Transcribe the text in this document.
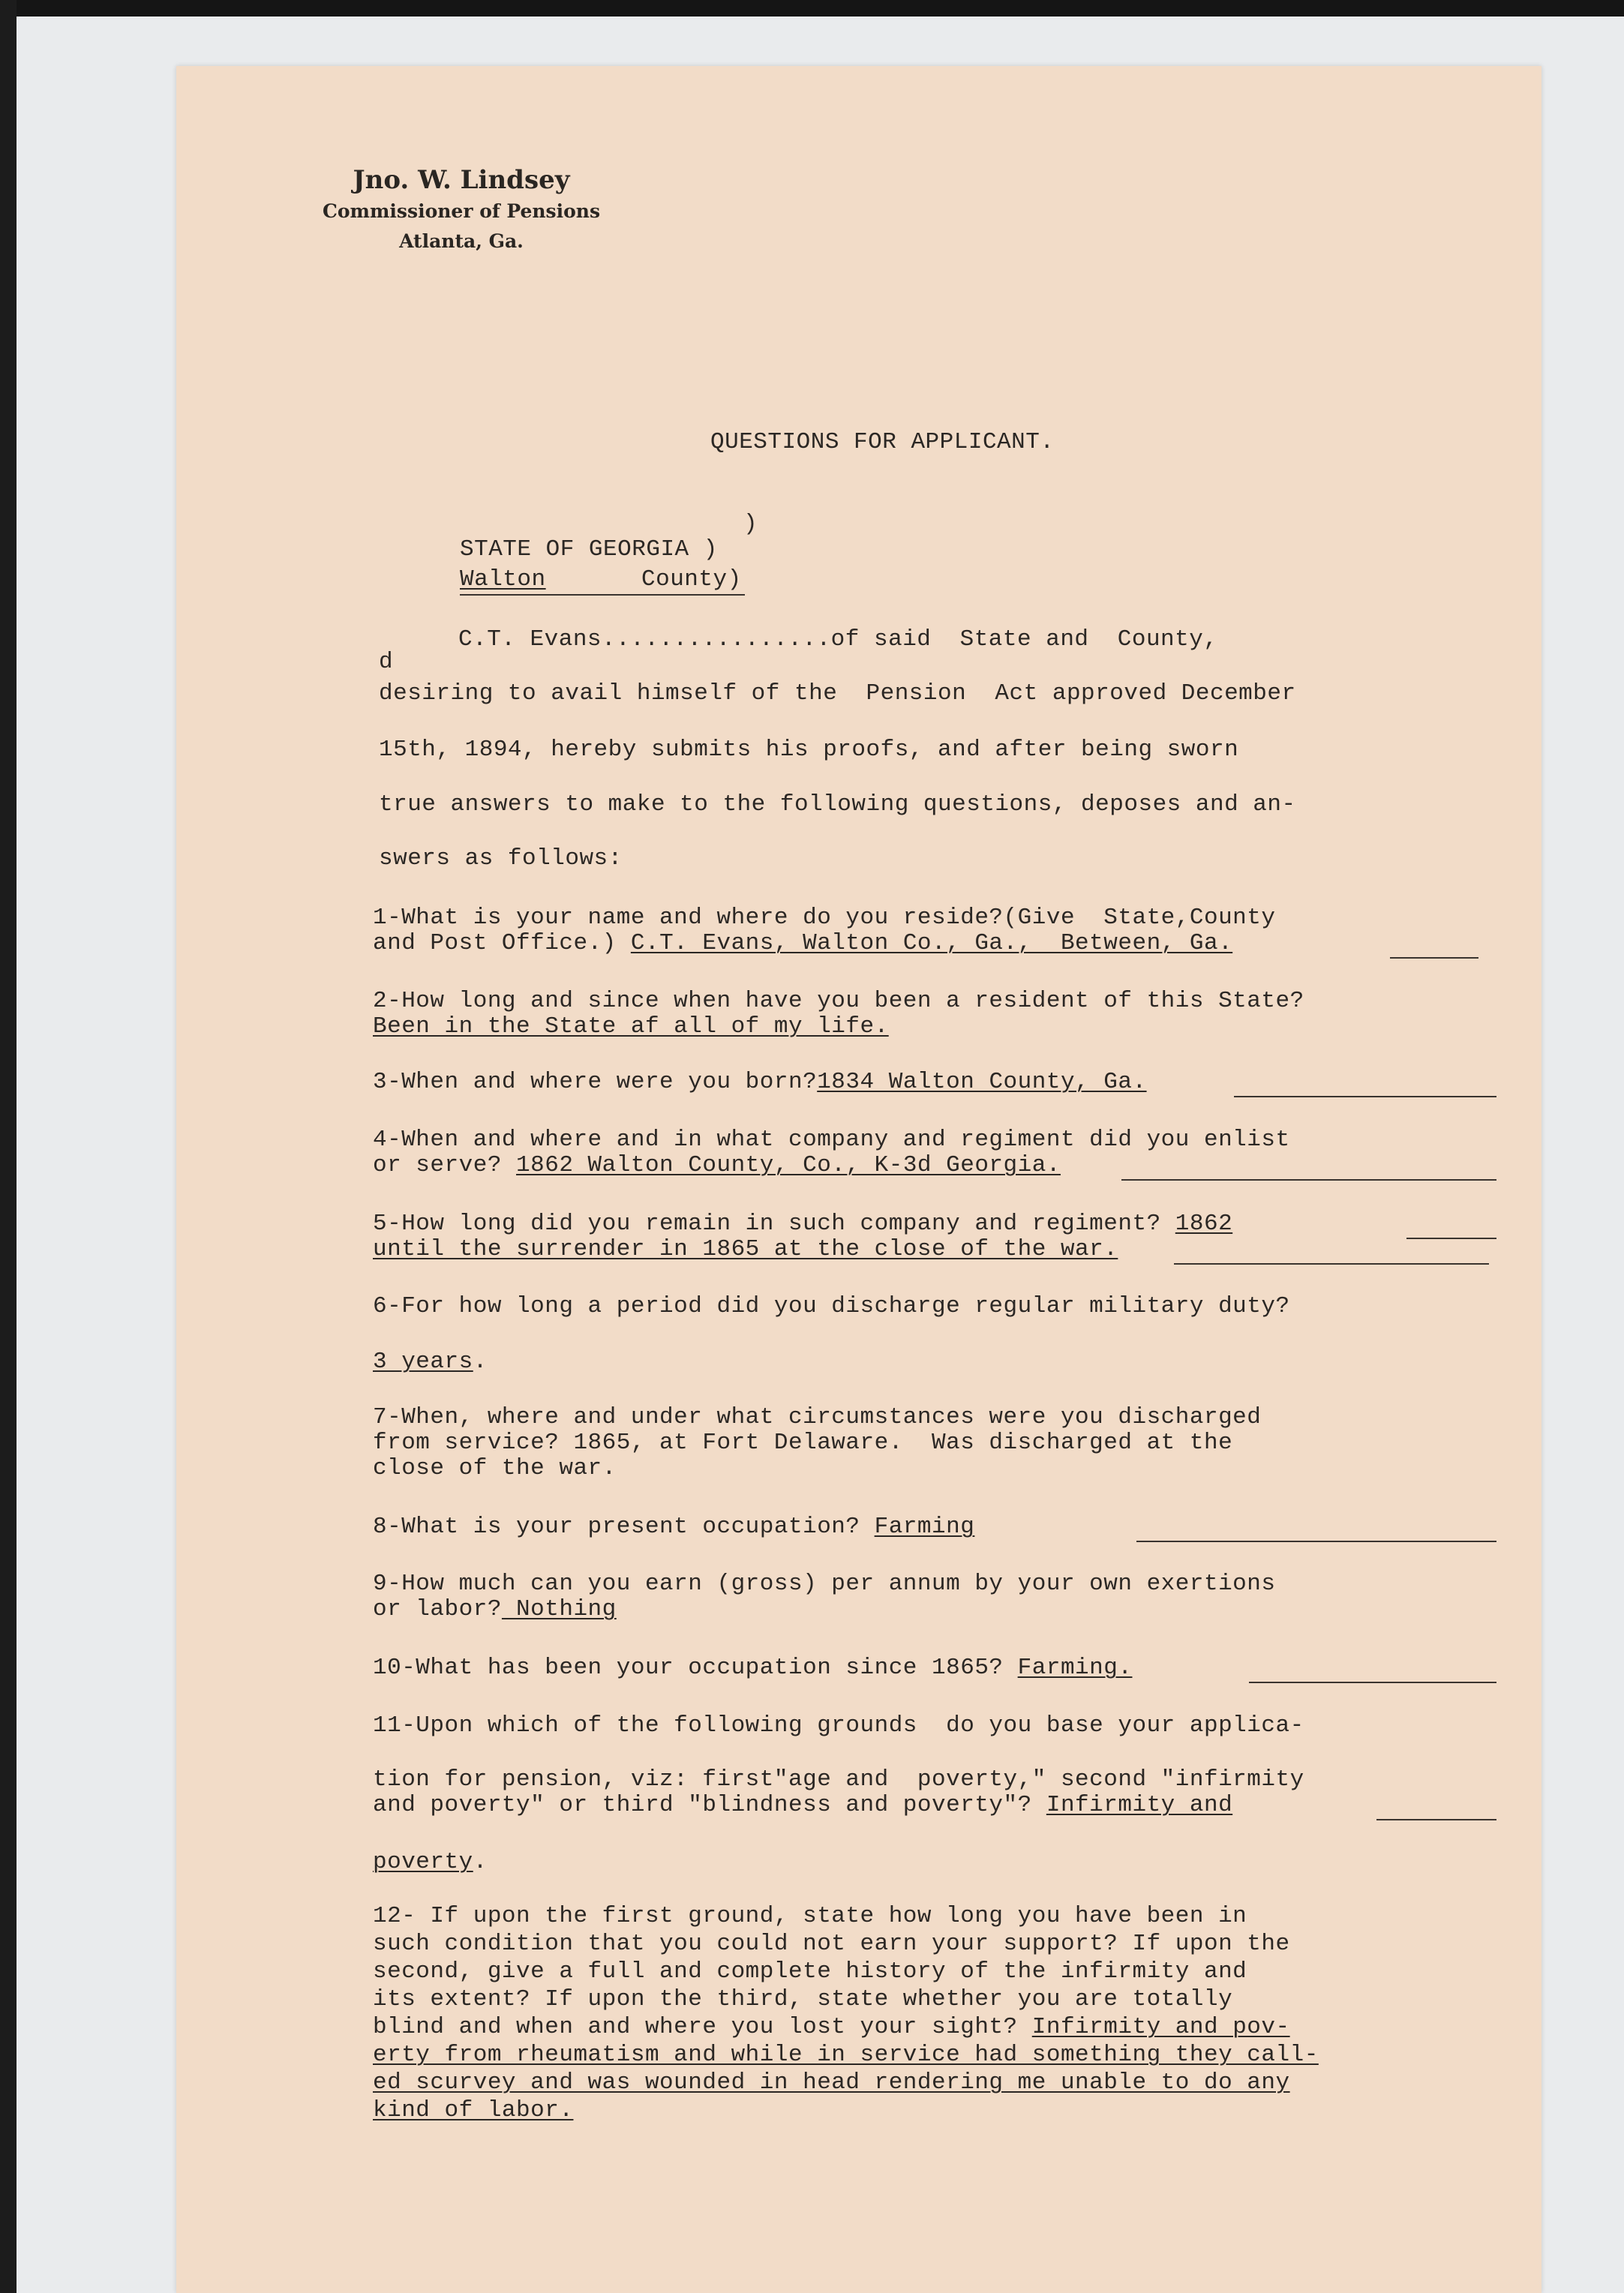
Jno. W. Lindsey
Commissioner of Pensions
Atlanta, Ga.
QUESTIONS FOR APPLICANT.
)
STATE OF GEORGIA )
Walton	County)
C.T. Evans................of said  State and  County,
d
desiring to avail himself of the  Pension  Act approved December
15th, 1894, hereby submits his proofs, and after being sworn
true answers to make to the following questions, deposes and an-
swers as follows:
1-What is your name and where do you reside?(Give  State,County
and Post Office.) C.T. Evans, Walton Co., Ga.,  Between, Ga.
2-How long and since when have you been a resident of this State?
Been in the State af all of my life.
3-When and where were you born?1834 Walton County, Ga.
4-When and where and in what company and regiment did you enlist
or serve? 1862 Walton County, Co., K-3d Georgia.
5-How long did you remain in such company and regiment? 1862
until the surrender in 1865 at the close of the war.
6-For how long a period did you discharge regular military duty?
3 years.
7-When, where and under what circumstances were you discharged
from service? 1865, at Fort Delaware.  Was discharged at the
close of the war.
8-What is your present occupation? Farming
9-How much can you earn (gross) per annum by your own exertions
or labor? Nothing
10-What has been your occupation since 1865? Farming.
11-Upon which of the following grounds  do you base your applica-
tion for pension, viz: first"age and  poverty," second "infirmity
and poverty" or third "blindness and poverty"? Infirmity and
poverty.
12- If upon the first ground, state how long you have been in
such condition that you could not earn your support? If upon the
second, give a full and complete history of the infirmity and
its extent? If upon the third, state whether you are totally
blind and when and where you lost your sight? Infirmity and pov-
erty from rheumatism and while in service had something they call-
ed scurvey and was wounded in head rendering me unable to do any
kind of labor.
